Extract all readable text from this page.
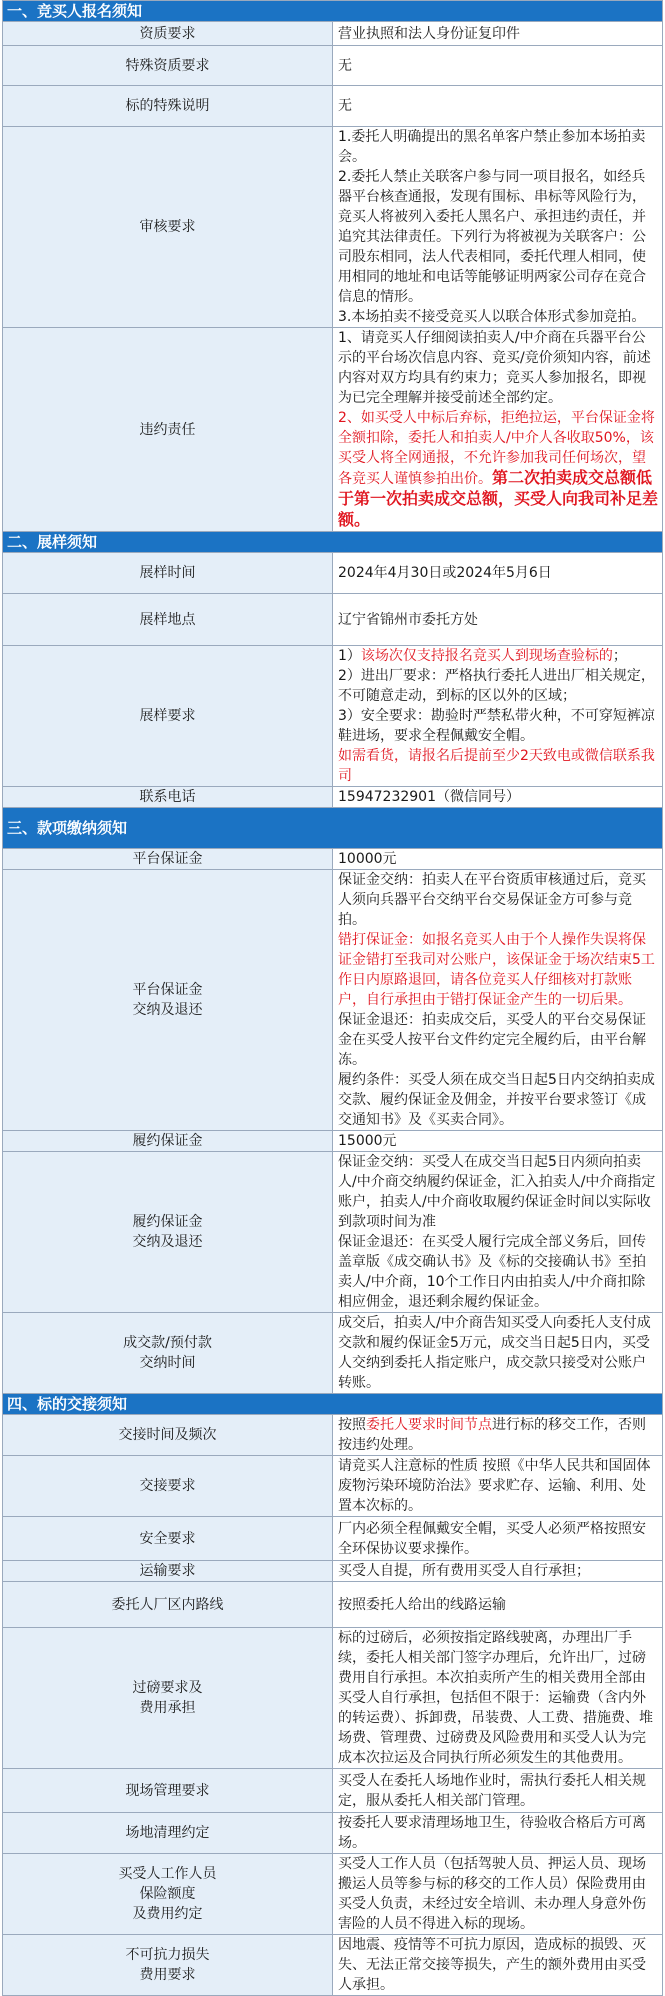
一、竞买人报名须知	
资质要求	营业执照和法人身份证复印件
特殊资质要求	无
标的特殊说明	无
审核要求	1.委托人明确提出的黑名单客户禁止参加本场拍卖会。
2.委托人禁止关联客户参与同一项目报名，如经兵器平台核查通报，发现有围标、串标等风险行为，竞买人将被列入委托人黑名户、承担违约责任，并追究其法律责任。下列行为将被视为关联客户：公司股东相同，法人代表相同，委托代理人相同，使用相同的地址和电话等能够证明两家公司存在竞合信息的情形。
3.本场拍卖不接受竞买人以联合体形式参加竞拍。

违约责任	1、请竞买人仔细阅读拍卖人/中介商在兵器平台公示的平台场次信息内容、竞买/竞价须知内容，前述内容对双方均具有约束力；竞买人参加报名，即视为已完全理解并接受前述全部约定。
2、如买受人中标后弃标，拒绝拉运，平台保证金将全额扣除，委托人和拍卖人/中介人各收取50%，该买受人将全网通报，不允许参加我司任何场次，望各竞买人谨慎参拍出价。第二次拍卖成交总额低于第一次拍卖成交总额，买受人向我司补足差额。
二、展样须知	
展样时间	2024年4月30日或2024年5月6日
展样地点	辽宁省锦州市委托方处
展样要求	1）该场次仅支持报名竞买人到现场查验标的；
2）进出厂要求：严格执行委托人进出厂相关规定，不可随意走动，到标的区以外的区域；
3）安全要求：勘验时严禁私带火种，不可穿短裤凉鞋进场，要求全程佩戴安全帽。
如需看货，请报名后提前至少2天致电或微信联系我司

联系电话	15947232901（微信同号）
三、款项缴纳须知	
平台保证金	10000元

平台保证金
交纳及退还	保证金交纳：拍卖人在平台资质审核通过后，竞买人须向兵器平台交纳平台交易保证金方可参与竞拍。
错打保证金：如报名竞买人由于个人操作失误将保证金错打至我司对公账户，该保证金于场次结束5工作日内原路退回，请各位竞买人仔细核对打款账户，自行承担由于错打保证金产生的一切后果。
保证金退还：拍卖成交后，买受人的平台交易保证金在买受人按平台文件约定完全履约后，由平台解冻。
履约条件：买受人须在成交当日起5日内交纳拍卖成交款、履约保证金及佣金，并按平台要求签订《成交通知书》及《买卖合同》。

履约保证金	15000元

履约保证金
交纳及退还	保证金交纳：买受人在成交当日起5日内须向拍卖人/中介商交纳履约保证金，汇入拍卖人/中介商指定账户，拍卖人/中介商收取履约保证金时间以实际收到款项时间为准
保证金退还：在买受人履行完成全部义务后，回传盖章版《成交确认书》及《标的交接确认书》至拍卖人/中介商，10个工作日内由拍卖人/中介商扣除相应佣金，退还剩余履约保证金。

成交款/预付款
交纳时间	成交后，拍卖人/中介商告知买受人向委托人支付成交款和履约保证金5万元，成交当日起5日内，买受人交纳到委托人指定账户，成交款只接受对公账户转账。
四、标的交接须知	
交接时间及频次	按照委托人要求时间节点进行标的移交工作，否则按违约处理。
交接要求	请竞买人注意标的性质 按照《中华人民共和国固体废物污染环境防治法》要求贮存、运输、利用、处置本次标的。
安全要求	厂内必须全程佩戴安全帽，买受人必须严格按照安全环保协议要求操作。
运输要求	买受人自提，所有费用买受人自行承担；
委托人厂区内路线	按照委托人给出的线路运输

过磅要求及
费用承担	标的过磅后，必须按指定路线驶离，办理出厂手续，委托人相关部门签字办理后，允许出厂，过磅费用自行承担。本次拍卖所产生的相关费用全部由买受人自行承担，包括但不限于：运输费（含内外的转运费）、拆卸费，吊装费、人工费、措施费、堆场费、管理费、过磅费及风险费用和买受人认为完成本次拉运及合同执行所必须发生的其他费用。
现场管理要求	买受人在委托人场地作业时，需执行委托人相关规定，服从委托人相关部门管理。
场地清理约定	按委托人要求清理场地卫生，待验收合格后方可离场。

买受人工作人员
保险额度
及费用约定	买受人工作人员（包括驾驶人员、押运人员、现场搬运人员等参与标的移交的工作人员）保险费用由买受人负责，未经过安全培训、未办理人身意外伤害险的人员不得进入标的现场。

不可抗力损失
费用要求	因地震、疫情等不可抗力原因，造成标的损毁、灭失、无法正常交接等损失，产生的额外费用由买受人承担。
